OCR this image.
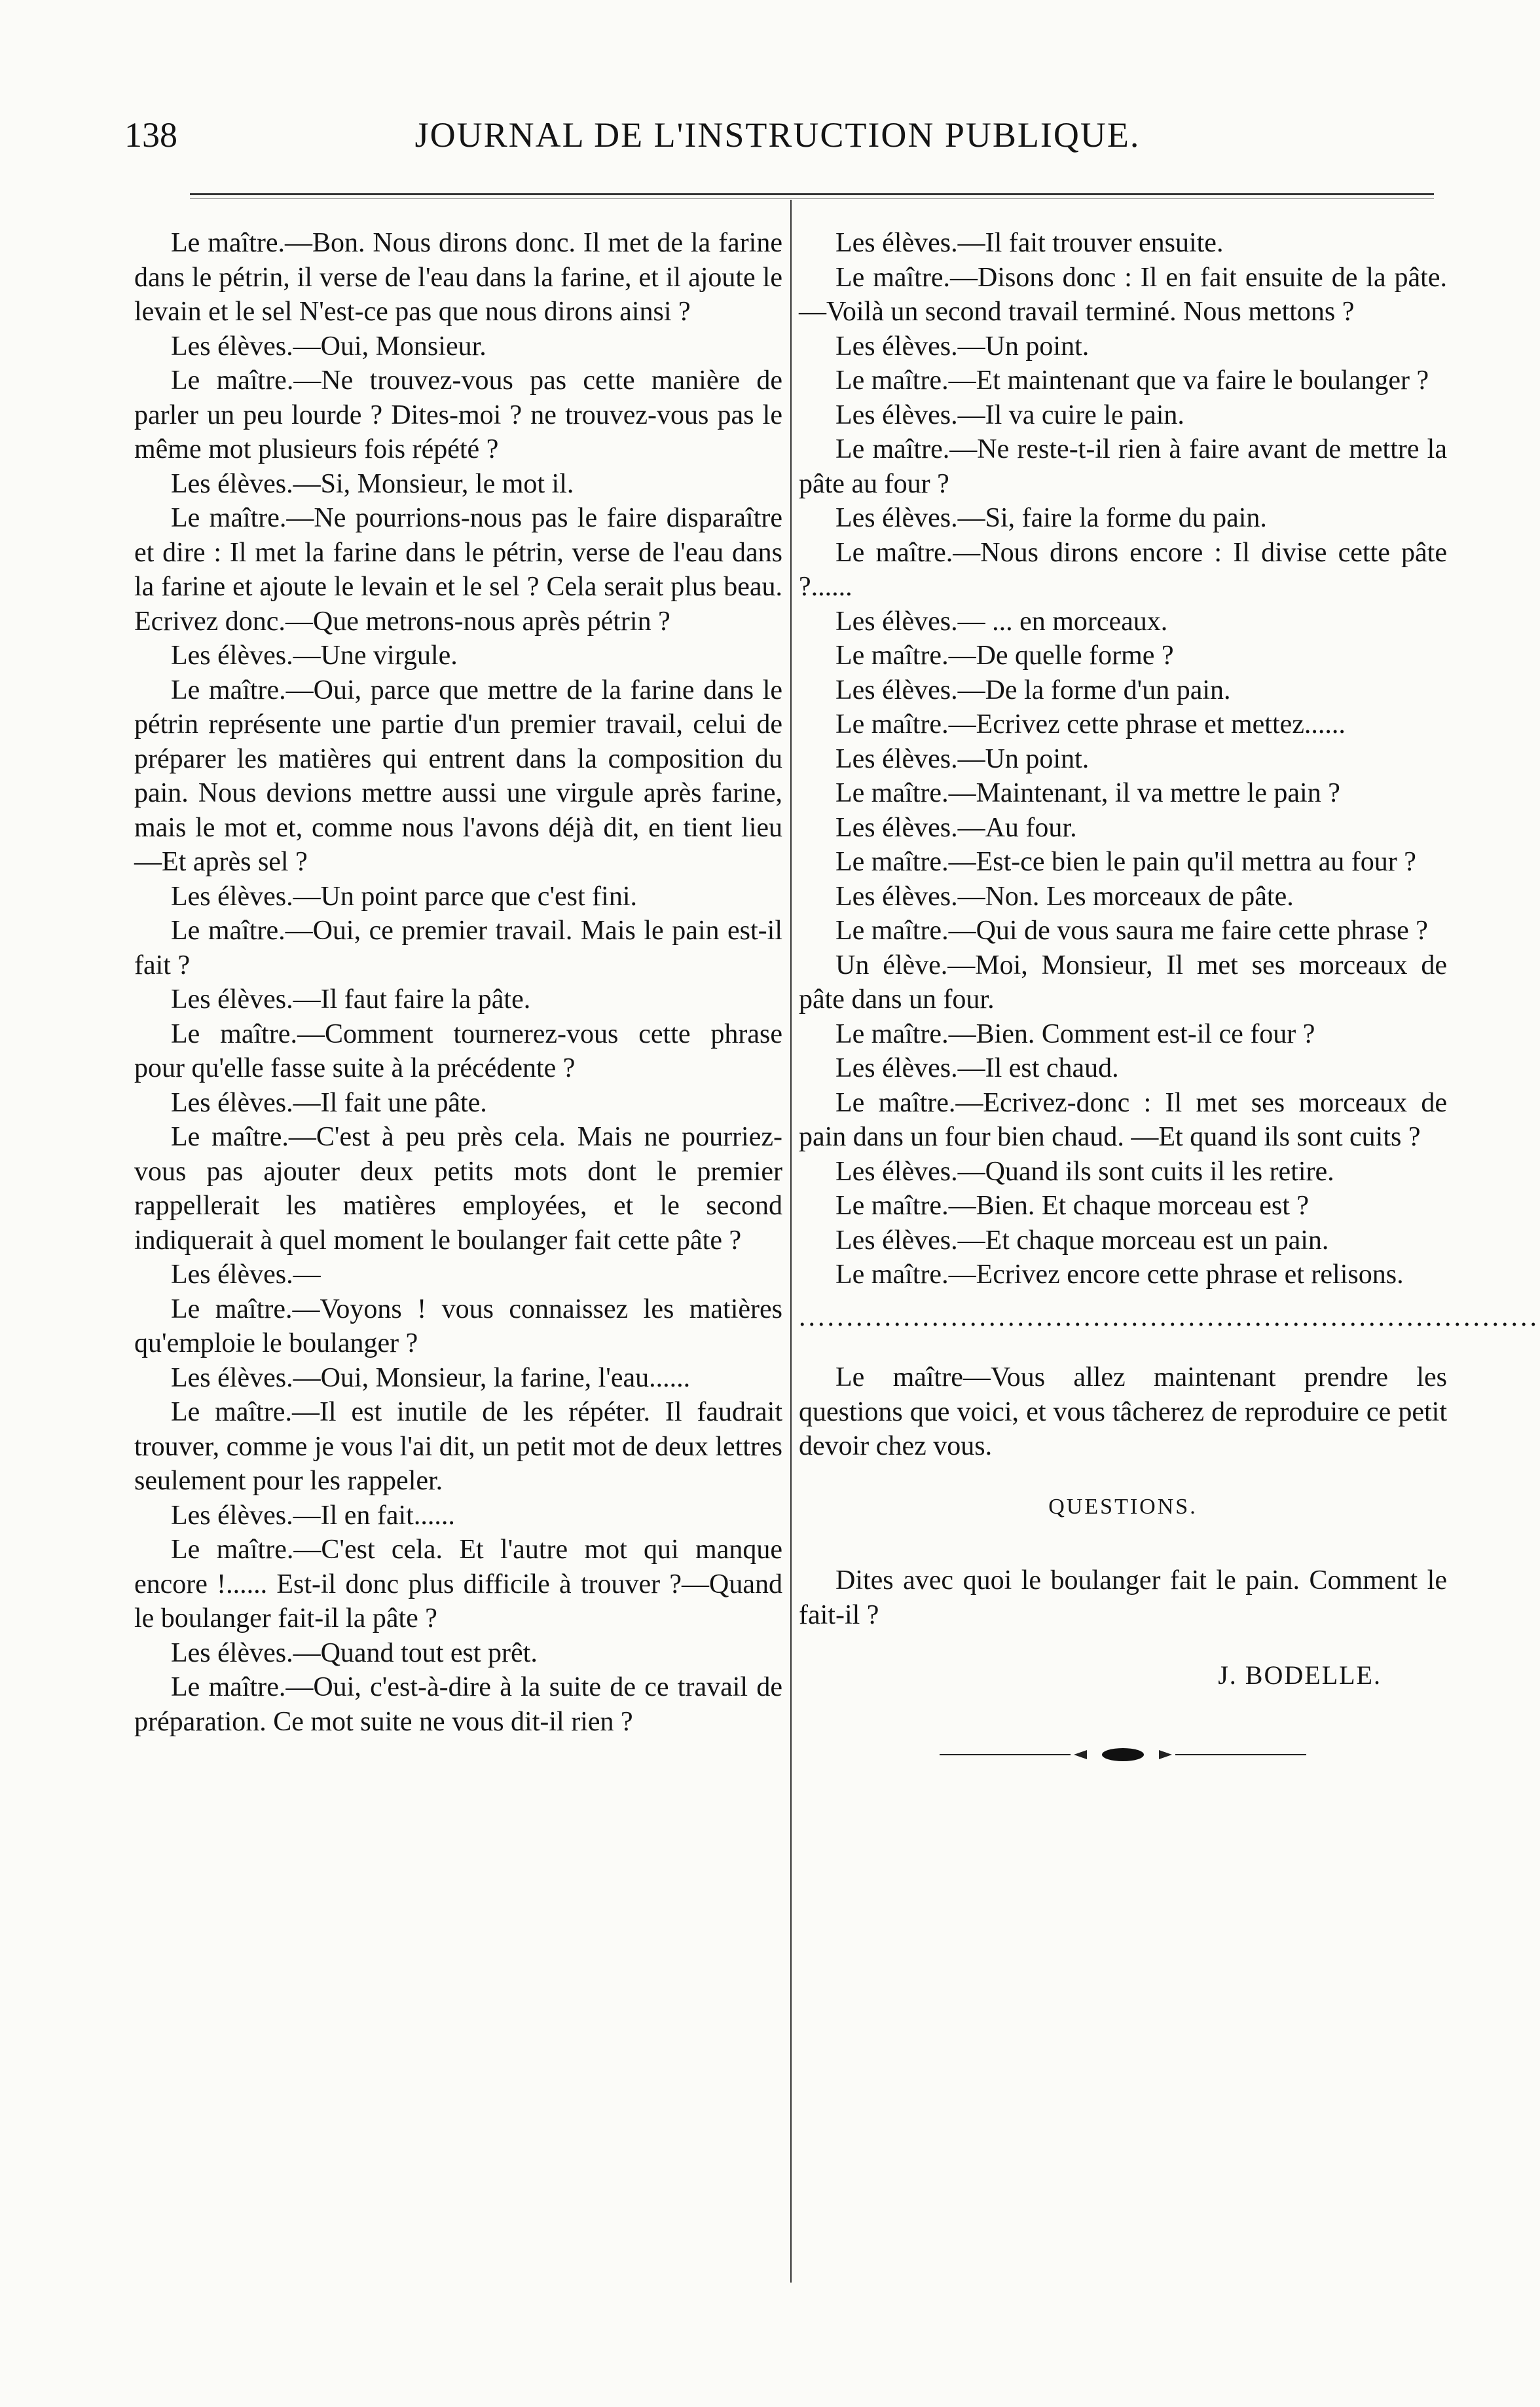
138	JOURNAL DE L'INSTRUCTION PUBLIQUE.

Le maître.—Bon. Nous dirons donc. Il met de la farine dans le pétrin, il verse de l'eau dans la farine, et il ajoute le levain et le sel N'est-ce pas que nous dirons ainsi ?

Les élèves.—Oui, Monsieur.

Le maître.—Ne trouvez-vous pas cette manière de parler un peu lourde ? Dites-moi ? ne trouvez-vous pas le même mot plusieurs fois répété ?

Les élèves.—Si, Monsieur, le mot il.

Le maître.—Ne pourrions-nous pas le faire disparaître et dire : Il met la farine dans le pétrin, verse de l'eau dans la farine et ajoute le levain et le sel ? Cela serait plus beau. Ecrivez donc.—Que metrons-nous après pétrin ?

Les élèves.—Une virgule.

Le maître.—Oui, parce que mettre de la farine dans le pétrin représente une partie d'un premier travail, celui de préparer les matières qui entrent dans la composition du pain. Nous devions mettre aussi une virgule après farine, mais le mot et, comme nous l'avons déjà dit, en tient lieu —Et après sel ?

Les élèves.—Un point parce que c'est fini.

Le maître.—Oui, ce premier travail. Mais le pain est-il fait ?

Les élèves.—Il faut faire la pâte.

Le maître.—Comment tournerez-vous cette phrase pour qu'elle fasse suite à la précédente ?

Les élèves.—Il fait une pâte.

Le maître.—C'est à peu près cela. Mais ne pourriez-vous pas ajouter deux petits mots dont le premier rappellerait les matières employées, et le second indiquerait à quel moment le boulanger fait cette pâte ?

Les élèves.—

Le maître.—Voyons ! vous connaissez les matières qu'emploie le boulanger ?

Les élèves.—Oui, Monsieur, la farine, l'eau......

Le maître.—Il est inutile de les répéter. Il faudrait trouver, comme je vous l'ai dit, un petit mot de deux lettres seulement pour les rappeler.

Les élèves.—Il en fait......

Le maître.—C'est cela. Et l'autre mot qui manque encore !...... Est-il donc plus difficile à trouver ?—Quand le boulanger fait-il la pâte ?

Les élèves.—Quand tout est prêt.

Le maître.—Oui, c'est-à-dire à la suite de ce travail de préparation. Ce mot suite ne vous dit-il rien ?

Les élèves.—Il fait trouver ensuite.

Le maître.—Disons donc : Il en fait ensuite de la pâte.—Voilà un second travail terminé. Nous mettons ?

Les élèves.—Un point.

Le maître.—Et maintenant que va faire le boulanger ?

Les élèves.—Il va cuire le pain.

Le maître.—Ne reste-t-il rien à faire avant de mettre la pâte au four ?

Les élèves.—Si, faire la forme du pain.

Le maître.—Nous dirons encore : Il divise cette pâte ?......

Les élèves.— ... en morceaux.

Le maître.—De quelle forme ?

Les élèves.—De la forme d'un pain.

Le maître.—Ecrivez cette phrase et mettez......

Les élèves.—Un point.

Le maître.—Maintenant, il va mettre le pain ?

Les élèves.—Au four.

Le maître.—Est-ce bien le pain qu'il mettra au four ?

Les élèves.—Non. Les morceaux de pâte.

Le maître.—Qui de vous saura me faire cette phrase ?

Un élève.—Moi, Monsieur, Il met ses morceaux de pâte dans un four.

Le maître.—Bien. Comment est-il ce four ?

Les élèves.—Il est chaud.

Le maître.—Ecrivez-donc : Il met ses morceaux de pain dans un four bien chaud. —Et quand ils sont cuits ?

Les élèves.—Quand ils sont cuits il les retire.

Le maître.—Bien. Et chaque morceau est ?

Les élèves.—Et chaque morceau est un pain.

Le maître.—Ecrivez encore cette phrase et relisons.

..............................................................................

Le maître—Vous allez maintenant prendre les questions que voici, et vous tâcherez de reproduire ce petit devoir chez vous.

QUESTIONS.

Dites avec quoi le boulanger fait le pain. Comment le fait-il ?

J. BODELLE.
